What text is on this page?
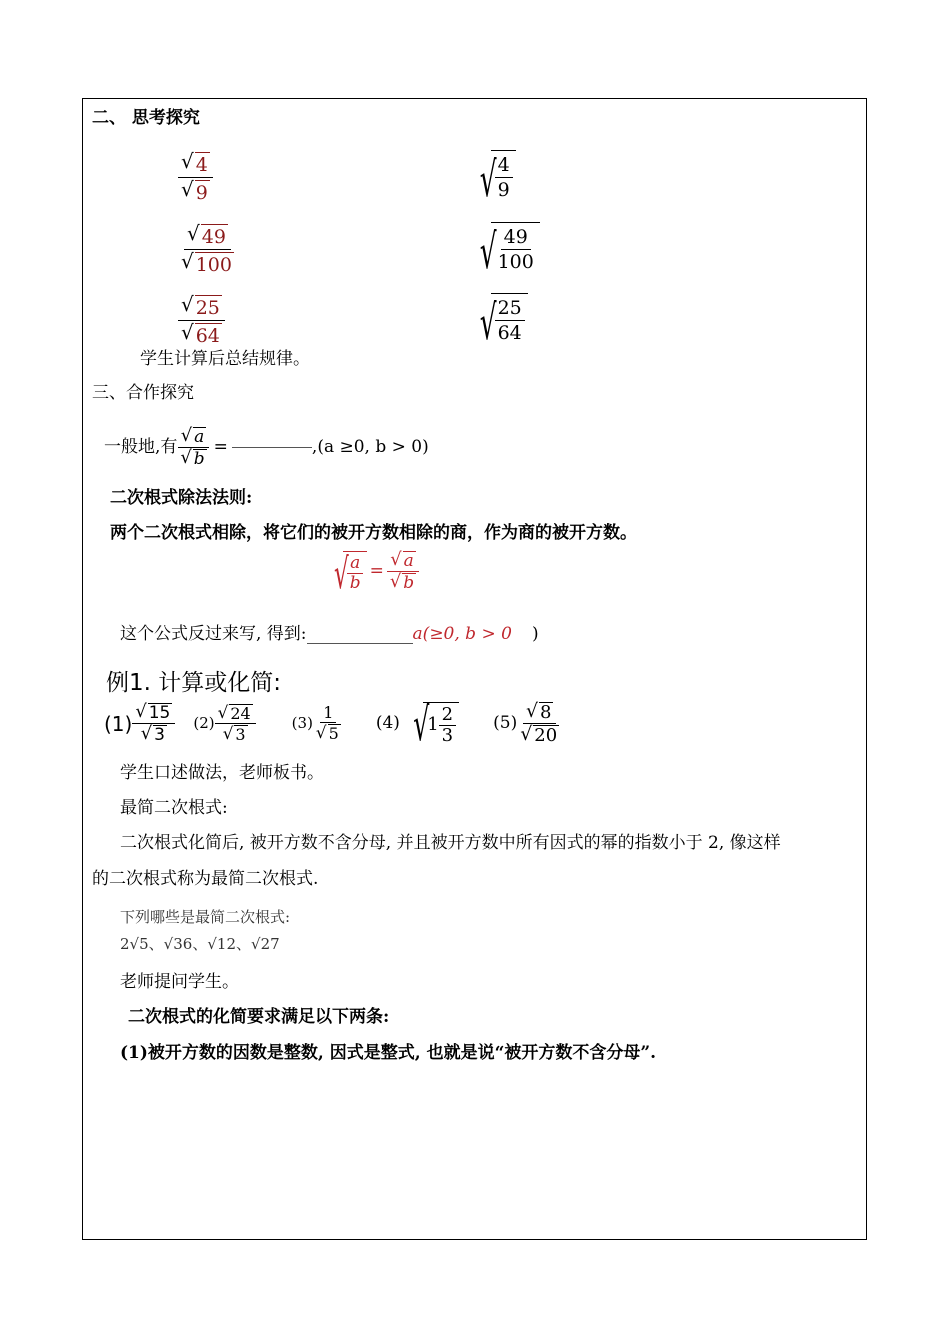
二、 思考探究
$\frac{√ 4}{√ 9}$
$\frac{√ 49}{√ 100}$
$\frac{√ 25}{√ 64}$
√
$\frac{4}{9}$
√
$\frac{49}{100}$
√
$\frac{25}{64}$
学生计算后总结规律。
三、合作探究
一般地,有 $\frac{√ a}{√ b}$ =	,(a ≥0, b > 0)
二次根式除法法则:
两个二次根式相除，将它们的被开方数相除的商，作为商的被开方数。
√
$\frac{a}{b} = \frac{√ a}{√ b}$
这个公式反过来写, 得到:	a(≥0, b > 0 )
例1. 计算或化简:
$(1) \frac{√ 15}{√ 3} (2) \frac{√ 24}{√ 3} (3) \frac{1}{√ 5} (4)$ √
$1 \frac{2}{3} (5) \frac{√ 8}{√ 20}$
学生口述做法，老师板书。
最简二次根式:
二次根式化简后, 被开方数不含分母, 并且被开方数中所有因式的幂的指数小于 2, 像这样
的二次根式称为最简二次根式.
下列哪些是最简二次根式:
2√5、√36、√12、√27
老师提问学生。
二次根式的化简要求满足以下两条:
(1)被开方数的因数是整数, 因式是整式, 也就是说“被开方数不含分母”.
